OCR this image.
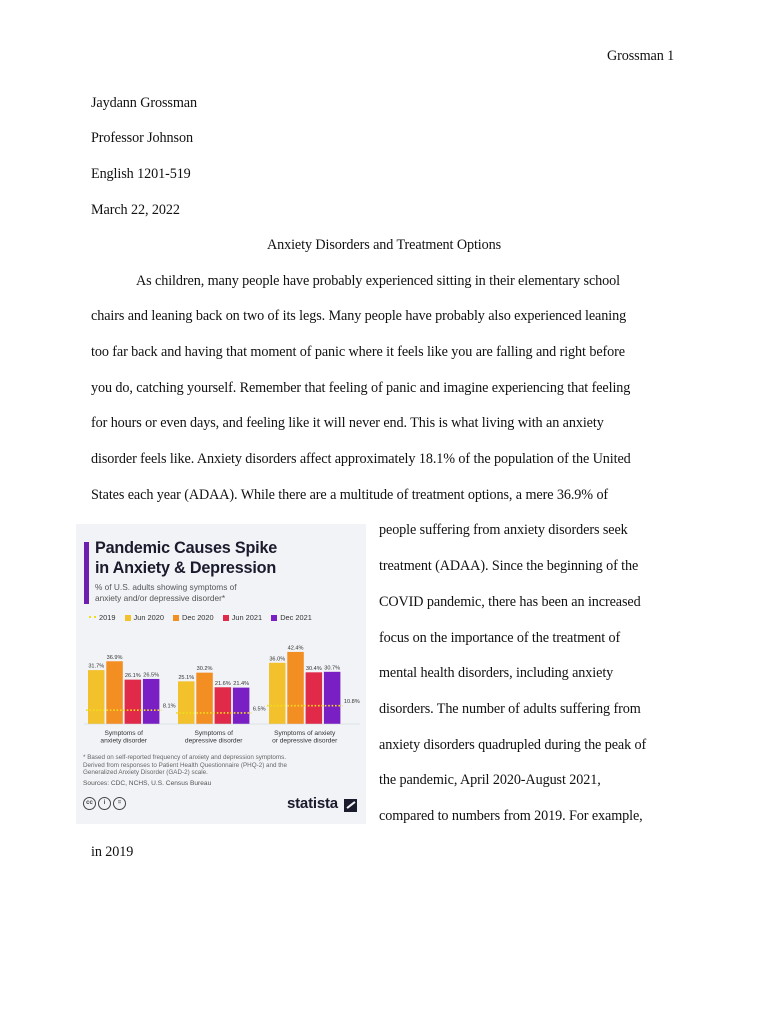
Grossman 1
Jaydann Grossman
Professor Johnson
English 1201-519
March 22, 2022
Anxiety Disorders and Treatment Options
As children, many people have probably experienced sitting in their elementary school
chairs and leaning back on two of its legs. Many people have probably also experienced leaning
too far back and having that moment of panic where it feels like you are falling and right before
you do, catching yourself. Remember that feeling of panic and imagine experiencing that feeling
for hours or even days, and feeling like it will never end. This is what living with an anxiety
disorder feels like. Anxiety disorders affect approximately 18.1% of the population of the United
States each year (ADAA). While there are a multitude of treatment options, a mere 36.9% of
people suffering from anxiety disorders seek
treatment (ADAA). Since the beginning of the
COVID pandemic, there has been an increased
focus on the importance of the treatment of
mental health disorders, including anxiety
disorders. The number of adults suffering from
anxiety disorders quadrupled during the peak of
the pandemic, April 2020-August 2021,
compared to numbers from 2019. For example,
in 2019
Pandemic Causes Spike
in Anxiety & Depression
% of U.S. adults showing symptoms of
anxiety and/or depressive disorder*
2019 Jun 2020 Dec 2020 Jun 2021 Dec 2021
31.7%
36.9%
26.1% 26.5%
8.1%
Symptoms of
anxiety disorder
25.1%
30.2%
21.6% 21.4%
6.5%
Symptoms of
depressive disorder
36.0%
42.4%
30.4% 30.7%
10.8%
Symptoms of anxiety
or depressive disorder
* Based on self-reported frequency of anxiety and depression symptoms.
Derived from responses to Patient Health Questionnaire (PHQ-2) and the
Generalized Anxiety Disorder (GAD-2) scale.
Sources: CDC, NCHS, U.S. Census Bureau
cc	i	=	statista
